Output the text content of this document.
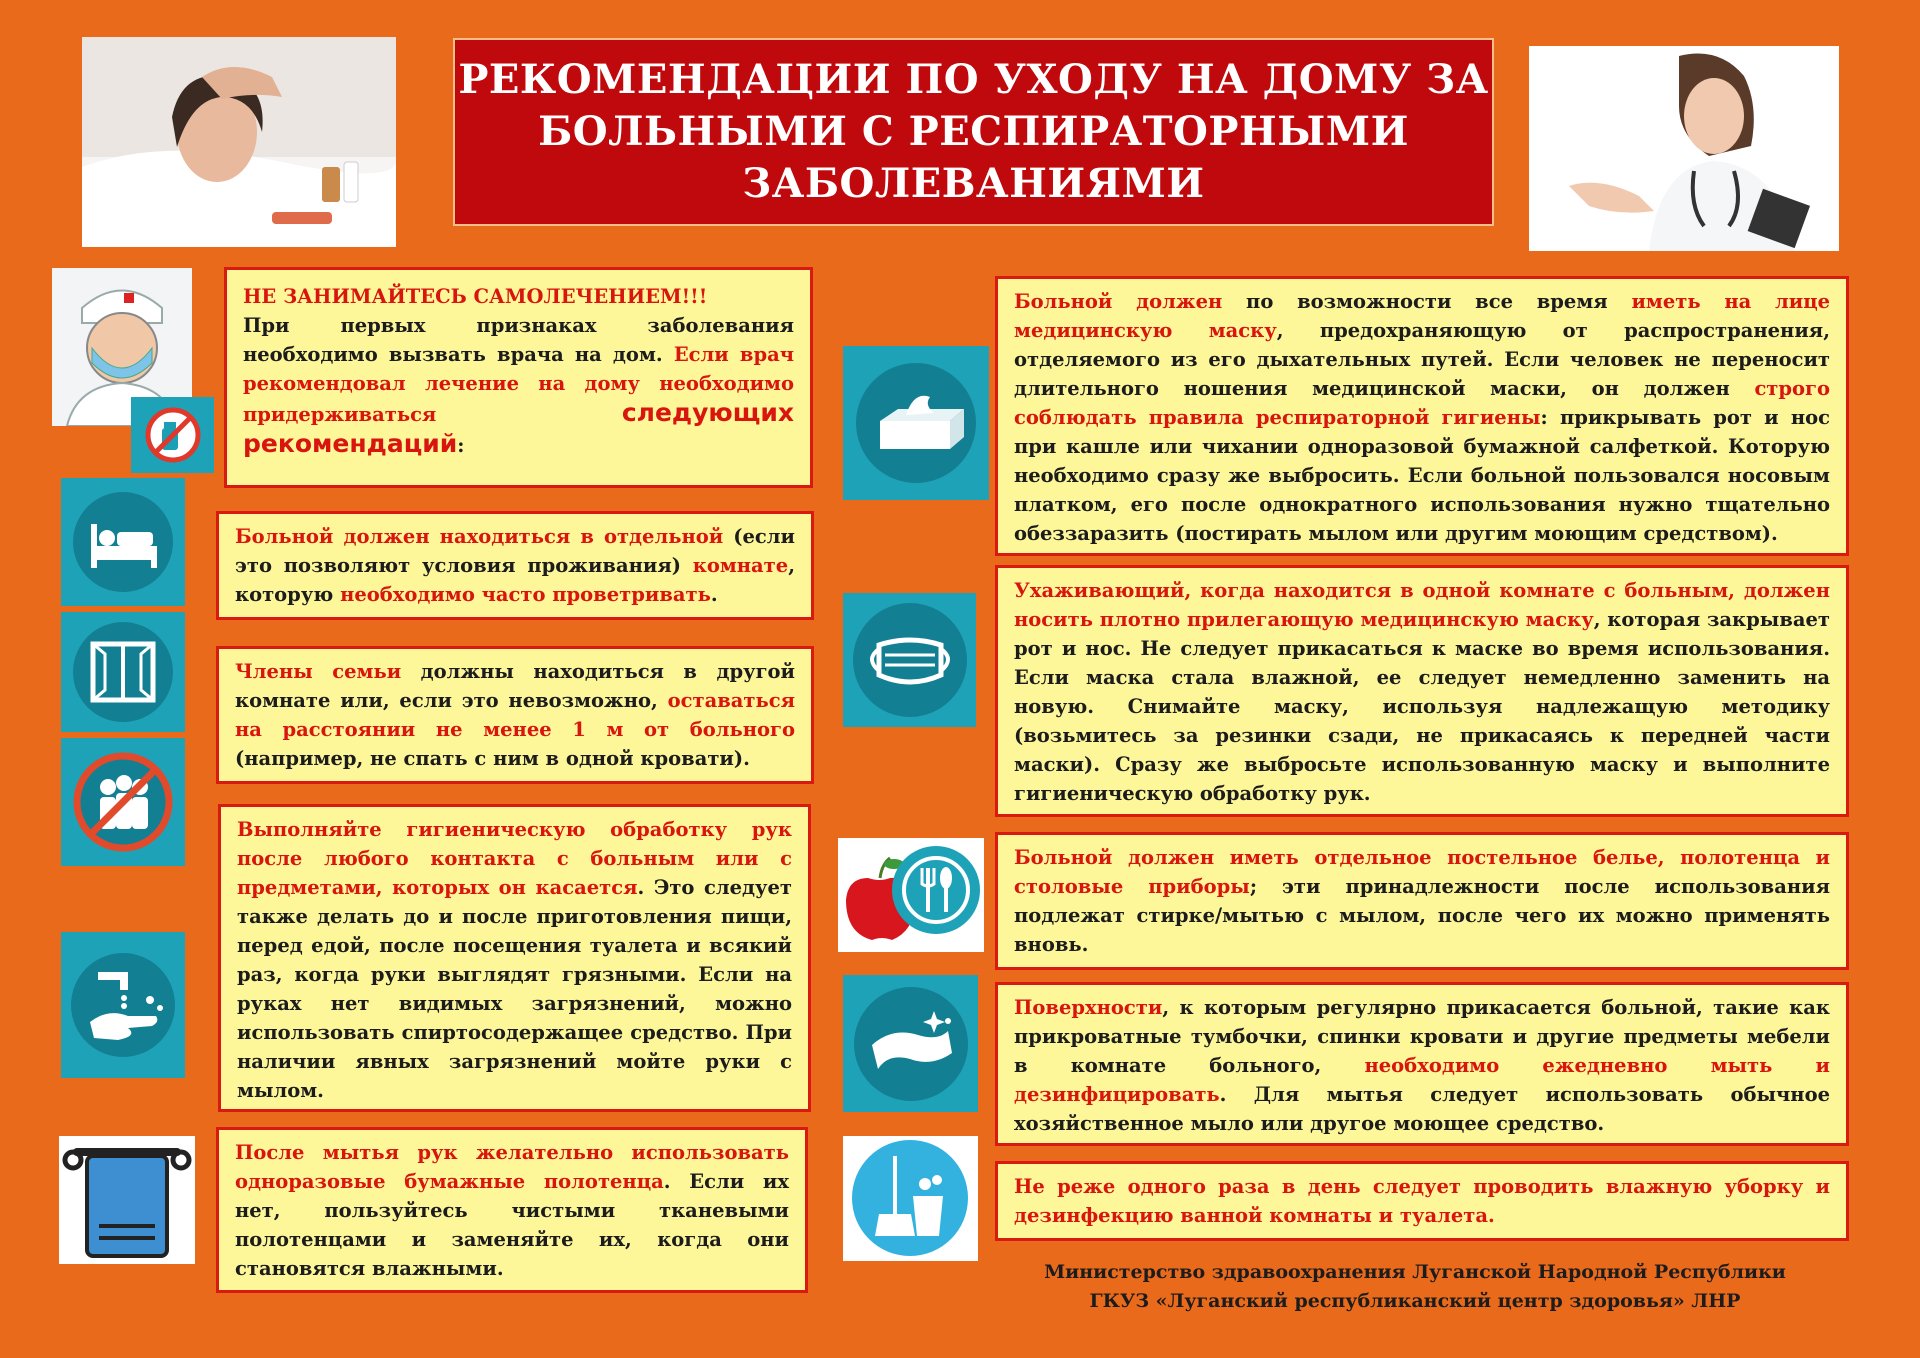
РЕКОМЕНДАЦИИ ПО УХОДУ НА ДОМУ ЗА
БОЛЬНЫМИ С РЕСПИРАТОРНЫМИ
ЗАБОЛЕВАНИЯМИ

НЕ ЗАНИМАЙТЕСЬ САМОЛЕЧЕНИЕМ!!!
При первых признаках заболевания необходимо вызвать врача на дом. Если врач рекомендовал лечение на дому необходимо придерживаться	следующих рекомендаций:

Больной должен находиться в отдельной (если это позволяют условия проживания) комнате, которую необходимо часто проветривать.

Члены семьи должны находиться в другой комнате или, если это невозможно, оставаться на расстоянии не менее 1 м от больного (например, не спать с ним в одной кровати).

Выполняйте гигиеническую обработку рук после любого контакта с больным или с предметами, которых он касается. Это следует также делать до и после приготовления пищи, перед едой, после посещения туалета и всякий раз, когда руки выглядят грязными. Если на руках нет видимых загрязнений, можно использовать спиртосодержащее средство. При наличии явных загрязнений мойте руки с мылом.

После мытья рук желательно использовать одноразовые бумажные полотенца. Если их нет, пользуйтесь чистыми тканевыми полотенцами и заменяйте их, когда они становятся влажными.

Больной должен по возможности все время иметь на лице медицинскую маску, предохраняющую от распространения, отделяемого из его дыхательных путей. Если человек не переносит длительного ношения медицинской маски, он должен строго соблюдать правила респираторной гигиены: прикрывать рот и нос при кашле или чихании одноразовой бумажной салфеткой. Которую необходимо сразу же выбросить. Если больной пользовался носовым платком, его после однократного использования нужно тщательно обеззаразить (постирать мылом или другим моющим средством).

Ухаживающий, когда находится в одной комнате с больным, должен носить плотно прилегающую медицинскую маску, которая закрывает рот и нос. Не следует прикасаться к маске во время использования. Если маска стала влажной, ее следует немедленно заменить на новую. Снимайте маску, используя надлежащую методику (возьмитесь за резинки сзади, не прикасаясь к передней части маски). Сразу же выбросьте использованную маску и выполните гигиеническую обработку рук.

Больной должен иметь отдельное постельное белье, полотенца и столовые приборы; эти принадлежности после использования подлежат стирке/мытью с мылом, после чего их можно применять вновь.

Поверхности, к которым регулярно прикасается больной, такие как прикроватные тумбочки, спинки кровати и другие предметы мебели в комнате больного, необходимо ежедневно мыть и дезинфицировать. Для мытья следует использовать обычное хозяйственное мыло или другое моющее средство.

Не реже одного раза в день следует проводить влажную уборку и дезинфекцию ванной комнаты и туалета.

Министерство здравоохранения Луганской Народной Республики
ГКУЗ «Луганский республиканский центр здоровья» ЛНР
